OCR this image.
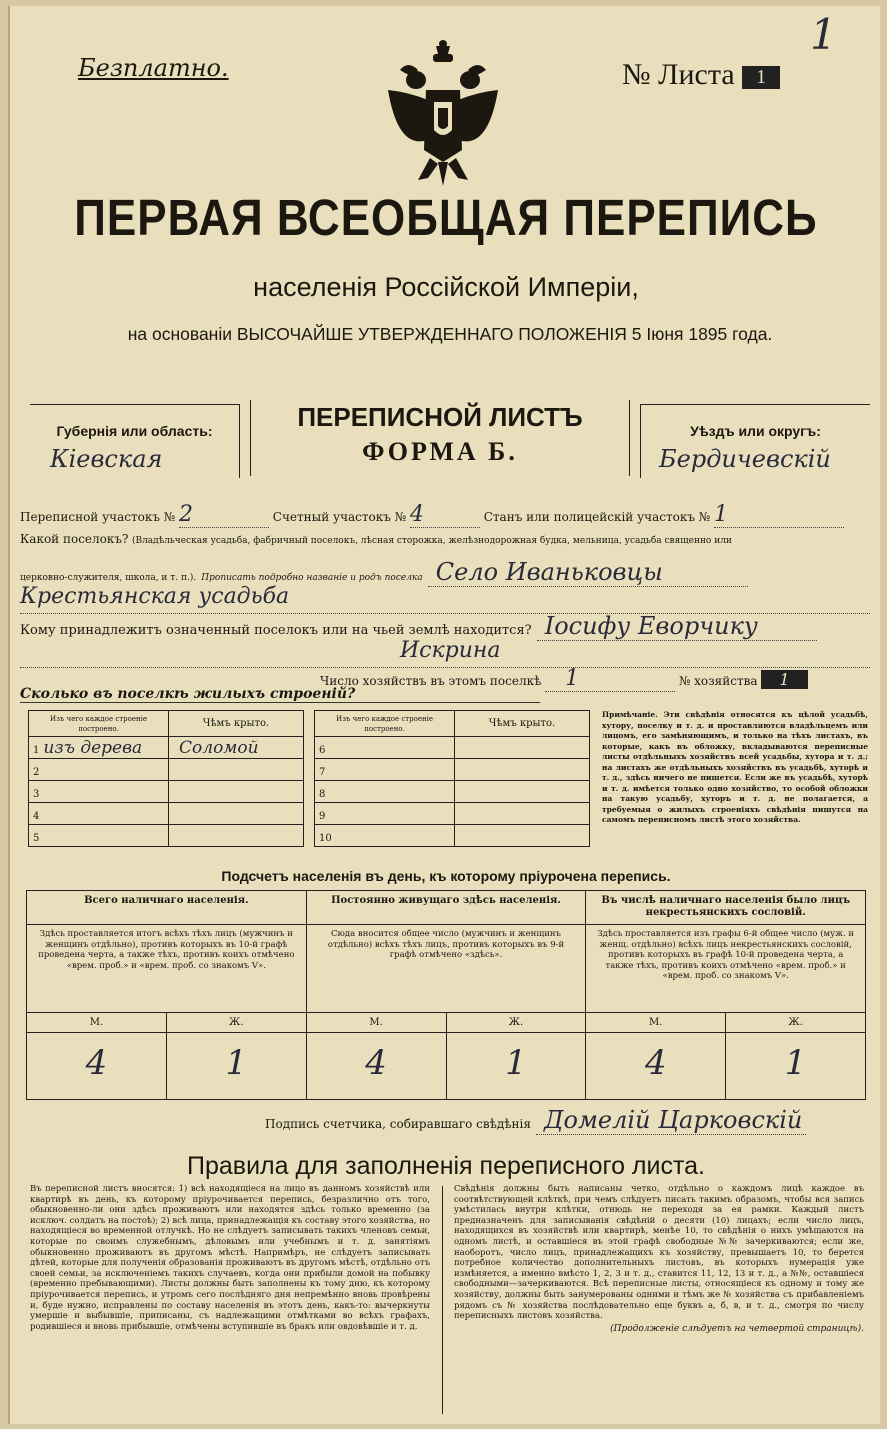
1
Безплатно.	№ Листа 1
ПЕРВАЯ ВСЕОБЩАЯ ПЕРЕПИСЬ
населенія Россійской Имперіи,
на основаніи ВЫСОЧАЙШЕ УТВЕРЖДЕННАГО ПОЛОЖЕНІЯ 5 Іюня 1895 года.
Губернія или область:
Кіевская
ПЕРЕПИСНОЙ ЛИСТЪ
ФОРМА Б.
Уѣздъ или округъ:
Бердичевскій
Переписной участокъ № 2	Счетный участокъ № 4	Станъ или полицейскій участокъ № 1
Какой поселокъ? (Владѣльческая усадьба, фабричный поселокъ, лѣсная сторожка, желѣзнодорожная будка, мельница, усадьба священно или
церковно-служителя, школа, и т. п.). Прописать подробно названіе и родъ поселка Село Иваньковцы
Крестьянская усадьба
Кому принадлежитъ означенный поселокъ или на чьей землѣ находится? Іосифу Еворчику
Искрина
Число хозяйствъ въ этомъ поселкѣ 1	№ хозяйства 1
Сколько въ поселкѣ жилыхъ строеній?
Изъ чего каждое строеніе построено.	Чѣмъ крыто.
1 изъ дерева	Соломой
2	
3	
4	
5	
Изъ чего каждое строеніе построено.	Чѣмъ крыто.
6	
7	
8	
9	
10	
Примѣчаніе. Эти свѣдѣнія относятся къ цѣлой усадьбѣ, хутору, поселку и т. д. и проставляются владѣльцемъ или лицомъ, его замѣняющимъ, и только на тѣхъ листахъ, въ которые, какъ въ обложку, вкладываются переписные листы отдѣльныхъ хозяйствъ всей усадьбы, хутора и т. д.; на листахъ же отдѣльныхъ хозяйствъ въ усадьбѣ, хуторѣ и т. д., здѣсь ничего не пишется. Если же въ усадьбѣ, хуторѣ и т. д. имѣется только одно хозяйство, то особой обложки на такую усадьбу, хуторъ и т. д. не полагается, а требуемыя о жилыхъ строеніяхъ свѣдѣнія пишутся на самомъ переписномъ листѣ этого хозяйства.
Подсчетъ населенія въ день, къ которому пріурочена перепись.
Всего наличнаго населенія.
Здѣсь проставляется итогъ всѣхъ тѣхъ лицъ (мужчинъ и женщинъ отдѣльно), противъ которыхъ въ 10-й графѣ проведена черта, а также тѣхъ, противъ коихъ отмѣчено «врем. проб.» и «врем. проб. со знакомъ V».
М.	Ж.
4	1
Постоянно живущаго здѣсь населенія.
Сюда вносится общее число (мужчинъ и женщинъ отдѣльно) всѣхъ тѣхъ лицъ, противъ которыхъ въ 9-й графѣ отмѣчено «здѣсь».
М.	Ж.
4	1
Въ числѣ наличнаго населенія было лицъ некрестьянскихъ сословій.
Здѣсь проставляется изъ графы 6-й общее число (муж. и женщ. отдѣльно) всѣхъ лицъ некрестьянскихъ сословій, противъ которыхъ въ графѣ 10-й проведена черта, а также тѣхъ, противъ коихъ отмѣчено «врем. проб.» и «врем. проб. со знакомъ V».
М.	Ж.
4	1
Подпись счетчика, собиравшаго свѣдѣнія Домелій Царковскій
Правила для заполненія переписного листа.
Въ переписной листъ вносятся: 1) всѣ находящіеся на лицо въ данномъ хозяйствѣ или квартирѣ въ день, къ которому пріурочивается перепись, безразлично отъ того, обыкновенно-ли они здѣсь проживаютъ или находятся здѣсь только временно (за исключ. солдатъ на постоѣ); 2) всѣ лица, принадлежащія къ составу этого хозяйства, но находящіеся во временной отлучкѣ. Но не слѣдуетъ записывать такихъ членовъ семьи, которые по своимъ служебнымъ, дѣловымъ или учебнымъ и т. д. занятіямъ обыкновенно проживаютъ въ другомъ мѣстѣ. Напримѣръ, не слѣдуетъ записывать дѣтей, которые для полученія образованія проживаютъ въ другомъ мѣстѣ, отдѣльно отъ своей семьи, за исключеніемъ такихъ случаевъ, когда они прибыли домой на побывку (временно пребывающими). Листы должны быть заполнены къ тому дню, къ которому пріурочивается перепись, и утромъ сего послѣдняго дня непремѣнно вновь провѣрены и, буде нужно, исправлены по составу населенія въ этотъ день, какъ-то: вычеркнуты умершіе и выбывшіе, приписаны, съ надлежащими отмѣтками во всѣхъ графахъ, родившіеся и вновь прибывшіе, отмѣчены вступившіе въ бракъ или овдовѣвшіе и т. д.
Свѣдѣнія должны быть написаны четко, отдѣльно о каждомъ лицѣ каждое въ соотвѣтствующей клѣткѣ, при чемъ слѣдуетъ писать такимъ образомъ, чтобы вся запись умѣстилась внутри клѣтки, отнюдь не переходя за ея рамки. Каждый листъ предназначенъ для записыванія свѣдѣній о десяти (10) лицахъ; если число лицъ, находящихся въ хозяйствѣ или квартирѣ, менѣе 10, то свѣдѣнія о нихъ умѣщаются на одномъ листѣ, и оставшіеся въ этой графѣ свободные №№ зачеркиваются; если же, наоборотъ, число лицъ, принадлежащихъ къ хозяйству, превышаетъ 10, то берется потребное количество дополнительныхъ листовъ, въ которыхъ нумерація уже измѣняется, а именно вмѣсто 1, 2, 3 и т. д., ставится 11, 12, 13 и т. д., а №№, оставшіеся свободными—зачеркиваются. Всѣ переписные листы, относящіеся къ одному и тому же хозяйству, должны быть занумерованы одними и тѣмъ же № хозяйства съ прибавленіемъ рядомъ съ № хозяйства послѣдовательно еще буквъ а, б, в, и т. д., смотря по числу переписныхъ листовъ хозяйства.
(Продолженіе слѣдуетъ на четвертой страницѣ).
